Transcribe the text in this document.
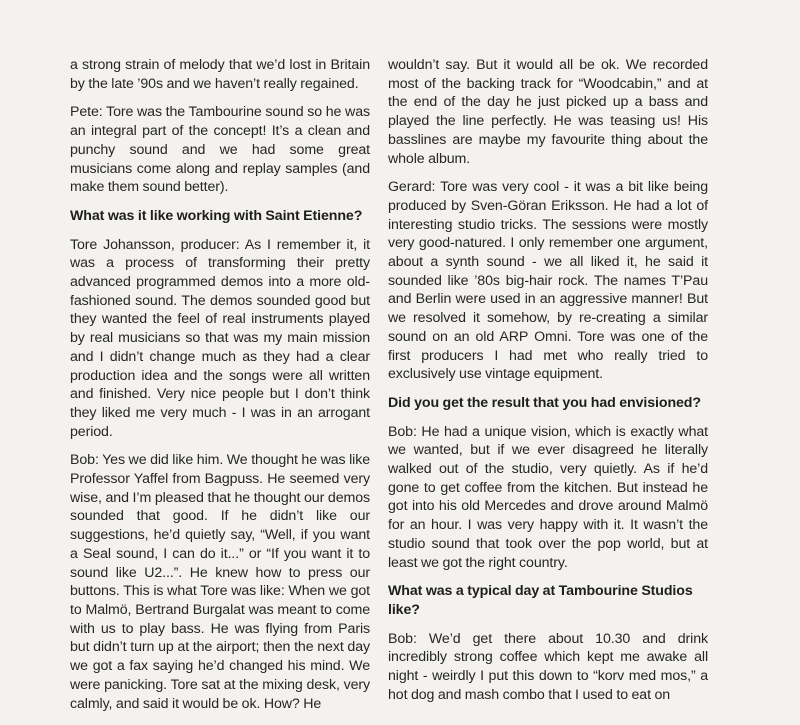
a strong strain of melody that we’d lost in Britain by the late ’90s and we haven’t really regained.

Pete: Tore was the Tambourine sound so he was an integral part of the concept! It’s a clean and punchy sound and we had some great musicians come along and replay samples (and make them sound better).

What was it like working with Saint Etienne?

Tore Johansson, producer: As I remember it, it was a process of transforming their pretty advanced programmed demos into a more old-fashioned sound. The demos sounded good but they wanted the feel of real instruments played by real musicians so that was my main mission and I didn’t change much as they had a clear production idea and the songs were all written and finished. Very nice people but I don’t think they liked me very much - I was in an arrogant period.

Bob: Yes we did like him. We thought he was like Professor Yaffel from Bagpuss. He seemed very wise, and I’m pleased that he thought our demos sounded that good. If he didn’t like our suggestions, he’d quietly say, “Well, if you want a Seal sound, I can do it...” or “If you want it to sound like U2...”. He knew how to press our buttons. This is what Tore was like: When we got to Malmö, Bertrand Burgalat was meant to come with us to play bass. He was flying from Paris but didn’t turn up at the airport; then the next day we got a fax saying he’d changed his mind. We were panicking. Tore sat at the mixing desk, very calmly, and said it would be ok. How? He

wouldn’t say. But it would all be ok. We recorded most of the backing track for “Woodcabin,” and at the end of the day he just picked up a bass and played the line perfectly. He was teasing us! His basslines are maybe my favourite thing about the whole album.

Gerard: Tore was very cool - it was a bit like being produced by Sven-Göran Eriksson. He had a lot of interesting studio tricks. The sessions were mostly very good-natured. I only remember one argument, about a synth sound - we all liked it, he said it sounded like ’80s big-hair rock. The names T’Pau and Berlin were used in an aggressive manner! But we resolved it somehow, by re-creating a similar sound on an old ARP Omni. Tore was one of the first producers I had met who really tried to exclusively use vintage equipment.

Did you get the result that you had envisioned?

Bob: He had a unique vision, which is exactly what we wanted, but if we ever disagreed he literally walked out of the studio, very quietly. As if he’d gone to get coffee from the kitchen. But instead he got into his old Mercedes and drove around Malmö for an hour. I was very happy with it. It wasn’t the studio sound that took over the pop world, but at least we got the right country.

What was a typical day at Tambourine Studios like?

Bob: We’d get there about 10.30 and drink incredibly strong coffee which kept me awake all night - weirdly I put this down to “korv med mos,” a hot dog and mash combo that I used to eat on
